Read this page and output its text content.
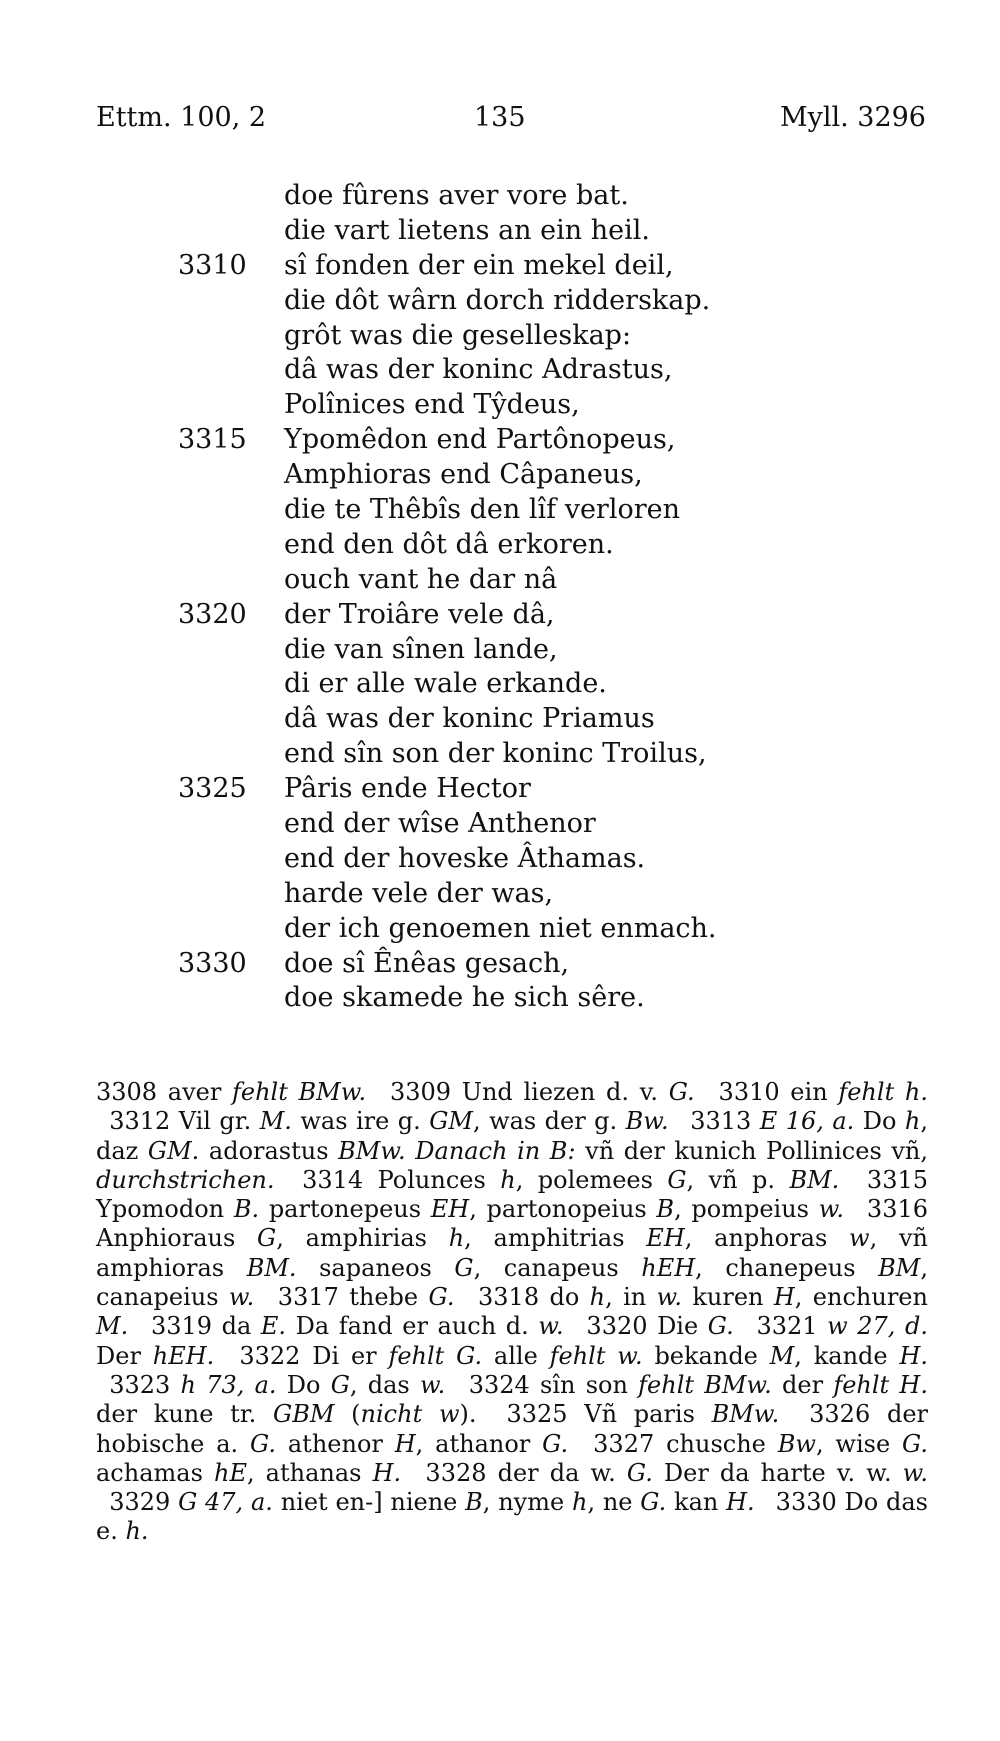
Ettm. 100, 2	135	Myll. 3296
doe fûrens aver vore bat.
die vart lietens an ein heil.
3310 sî fonden der ein mekel deil,
die dôt wârn dorch ridderskap.
grôt was die geselleskap:
dâ was der koninc Adrastus,
Polînices end Tŷdeus,
3315 Ypomêdon end Partônopeus,
Amphioras end Câpaneus,
die te Thêbîs den lîf verloren
end den dôt dâ erkoren.
ouch vant he dar nâ
3320 der Troiâre vele dâ,
die van sînen lande,
di er alle wale erkande.
dâ was der koninc Priamus
end sîn son der koninc Troilus,
3325 Pâris ende Hector
end der wîse Anthenor
end der hoveske Âthamas.
harde vele der was,
der ich genoemen niet enmach.
3330 doe sî Ênêas gesach,
doe skamede he sich sêre.

3308 aver fehlt BMw. 3309 Und liezen d. v. G. 3310 ein fehlt h. 3312 Vil gr. M. was ire g. GM, was der g. Bw. 3313 E 16, a. Do h, daz GM. adorastus BMw. Danach in B: vñ der kunich Pollinices vñ, durchstrichen. 3314 Polunces h, polemees G, vñ p. BM. 3315 Ypomodon B. partonepeus EH, partonopeius B, pompeius w. 3316 Anphioraus G, amphirias h, amphitrias EH, anphoras w, vñ amphioras BM. sapaneos G, canapeus hEH, chanepeus BM, canapeius w. 3317 thebe G. 3318 do h, in w. kuren H, enchuren M. 3319 da E. Da fand er auch d. w. 3320 Die G. 3321 w 27, d. Der hEH. 3322 Di er fehlt G. alle fehlt w. bekande M, kande H. 3323 h 73, a. Do G, das w. 3324 sîn son fehlt BMw. der fehlt H. der kune tr. GBM (nicht w). 3325 Vñ paris BMw. 3326 der hobische a. G. athenor H, athanor G. 3327 chusche Bw, wise G. achamas hE, athanas H. 3328 der da w. G. Der da harte v. w. w. 3329 G 47, a. niet en-] niene B, nyme h, ne G. kan H. 3330 Do das e. h.
